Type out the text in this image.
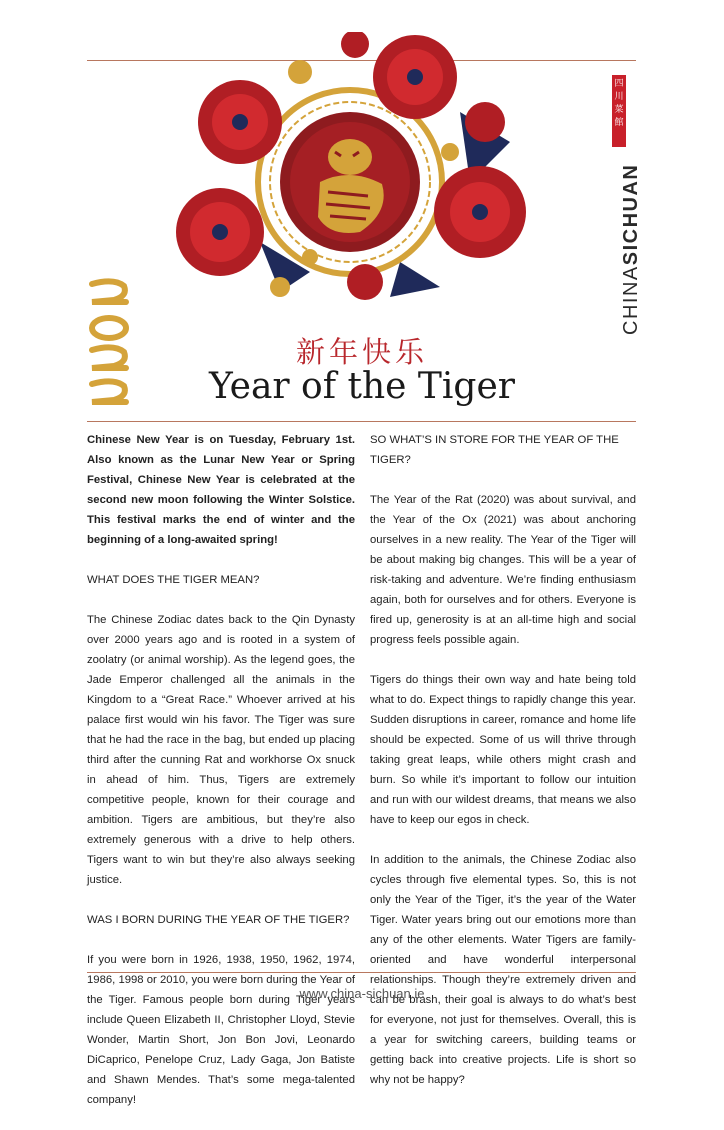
四川菜館
CHINASICHUAN
新年快乐
Year of the Tiger

Chinese New Year is on Tuesday, February 1st. Also known as the Lunar New Year or Spring Festival, Chinese New Year is celebrated at the second new moon following the Winter Solstice. This festival marks the end of winter and the beginning of a long-awaited spring!

WHAT DOES THE TIGER MEAN?

The Chinese Zodiac dates back to the Qin Dynasty over 2000 years ago and is rooted in a system of zoolatry (or animal worship). As the legend goes, the Jade Emperor challenged all the animals in the Kingdom to a “Great Race.” Whoever arrived at his palace first would win his favor. The Tiger was sure that he had the race in the bag, but ended up placing third after the cunning Rat and workhorse Ox snuck in ahead of him. Thus, Tigers are extremely competitive people, known for their courage and ambition. Tigers are ambitious, but they’re also extremely generous with a drive to help others. Tigers want to win but they’re also always seeking justice.

WAS I BORN DURING THE YEAR OF THE TIGER?

If you were born in 1926, 1938, 1950, 1962, 1974, 1986, 1998 or 2010, you were born during the Year of the Tiger. Famous people born during Tiger years include Queen Elizabeth II, Christopher Lloyd, Stevie Wonder, Martin Short, Jon Bon Jovi, Leonardo DiCaprico, Penelope Cruz, Lady Gaga, Jon Batiste and Shawn Mendes. That’s some mega-talented company!

SO WHAT’S IN STORE FOR THE YEAR OF THE TIGER?

The Year of the Rat (2020) was about survival, and the Year of the Ox (2021) was about anchoring ourselves in a new reality. The Year of the Tiger will be about making big changes. This will be a year of risk-taking and adventure. We’re finding enthusiasm again, both for ourselves and for others. Everyone is fired up, generosity is at an all-time high and social progress feels possible again.

Tigers do things their own way and hate being told what to do. Expect things to rapidly change this year. Sudden disruptions in career, romance and home life should be expected. Some of us will thrive through taking great leaps, while others might crash and burn. So while it’s important to follow our intuition and run with our wildest dreams, that means we also have to keep our egos in check.

In addition to the animals, the Chinese Zodiac also cycles through five elemental types. So, this is not only the Year of the Tiger, it’s the year of the Water Tiger. Water years bring out our emotions more than any of the other elements. Water Tigers are family-oriented and have wonderful interpersonal relationships. Though they’re extremely driven and can be brash, their goal is always to do what’s best for everyone, not just for themselves. Overall, this is a year for switching careers, building teams or getting back into creative projects. Life is short so why not be happy?

www.china-sichuan.ie
